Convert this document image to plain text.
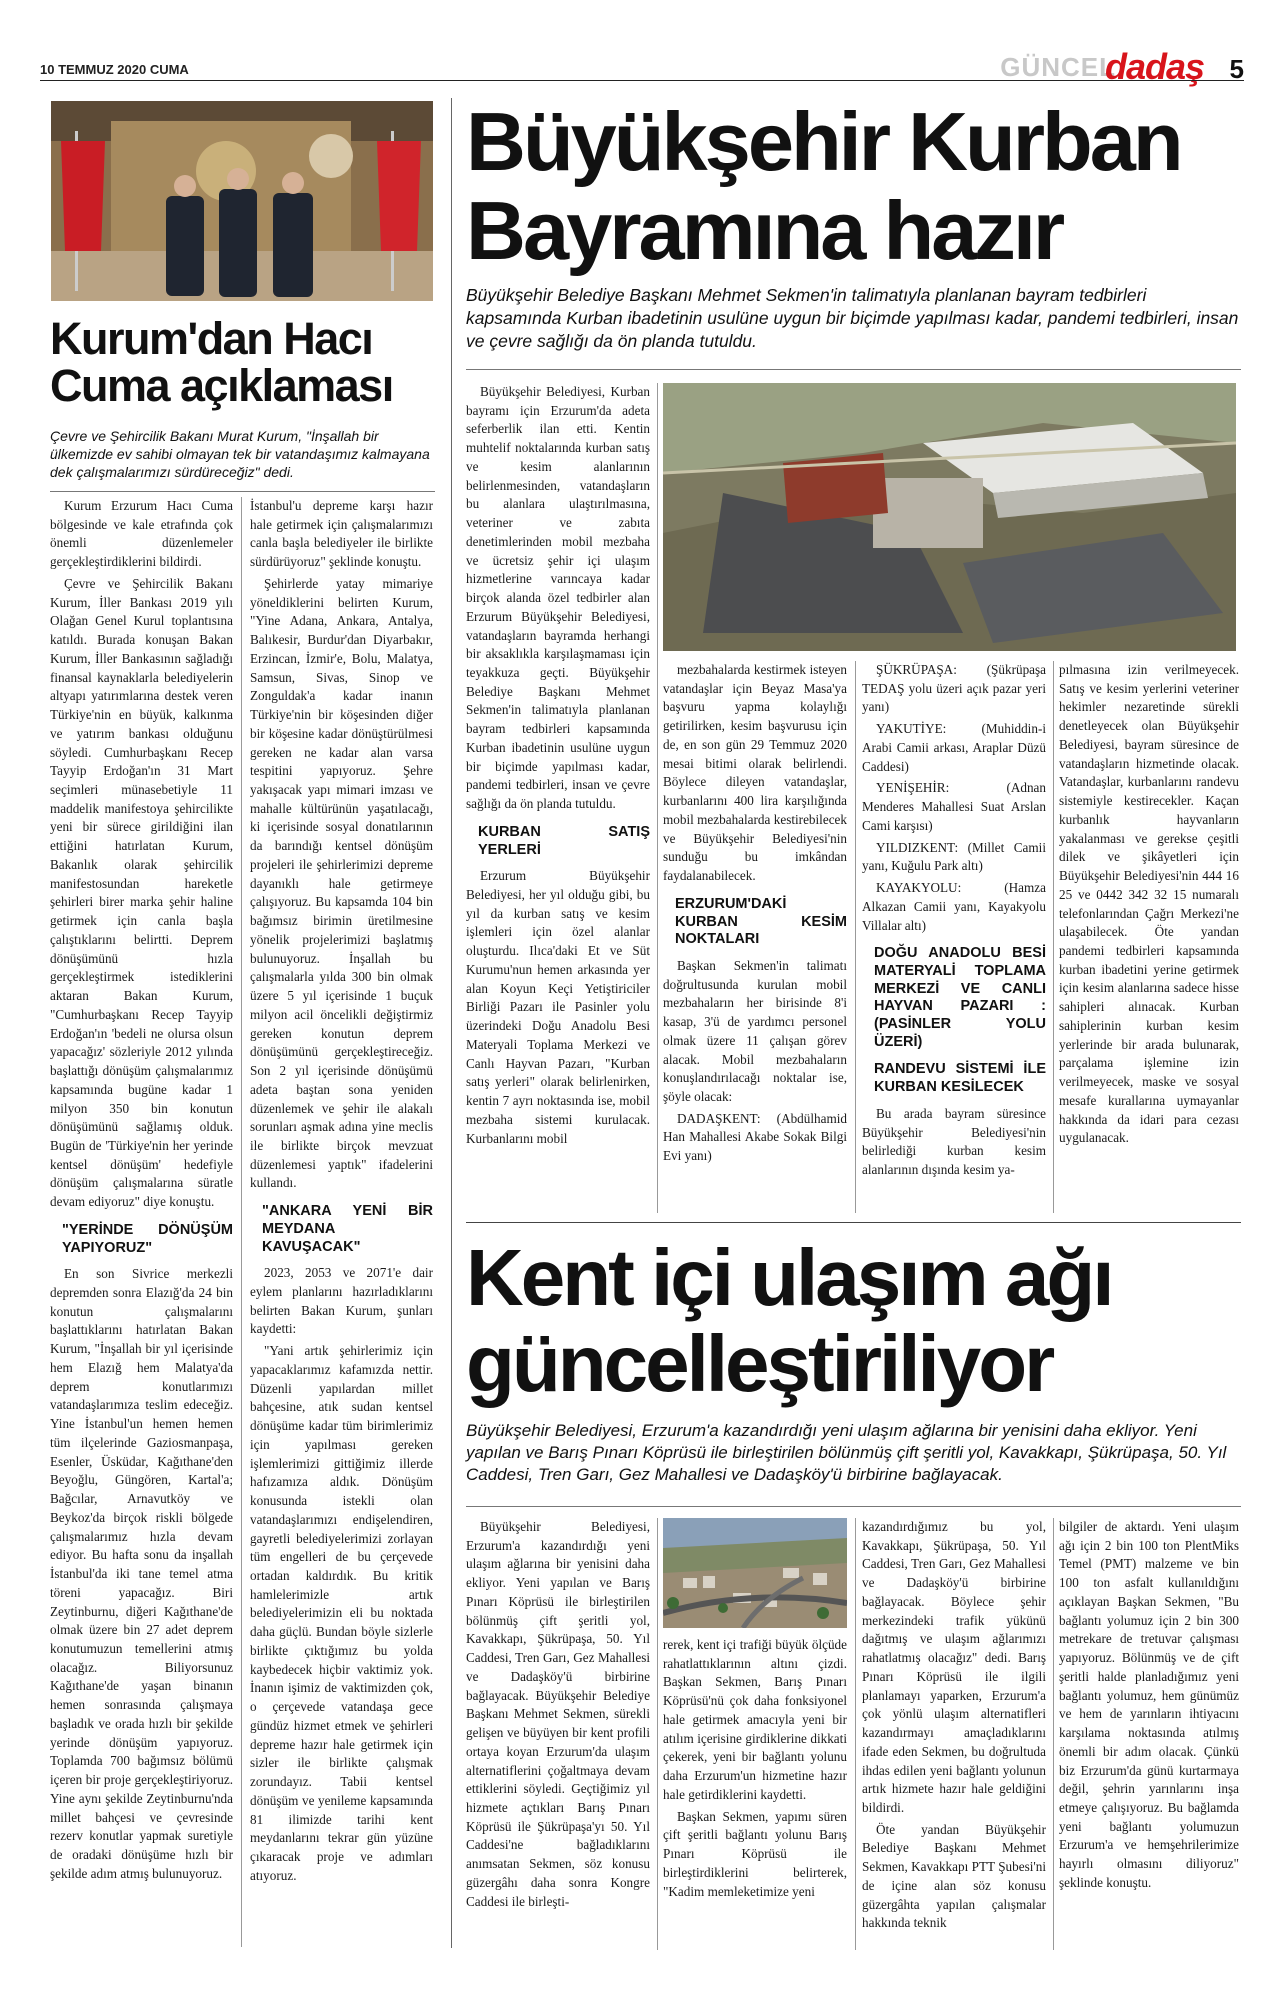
10 TEMMUZ 2020 CUMA	GÜNCEL
dadaş 5
Kurum'dan Hacı
Cuma açıklaması
Çevre ve Şehircilik Bakanı Murat Kurum, "İnşallah bir ülkemizde ev sahibi olmayan tek bir vatandaşımız kalmayana dek çalışmalarımızı sürdüreceğiz" dedi.

Kurum Erzurum Hacı Cuma bölgesinde ve kale etrafında çok önemli düzenlemeler gerçekleştirdiklerini bildirdi.

Çevre ve Şehircilik Bakanı Kurum, İller Bankası 2019 yılı Olağan Genel Kurul toplantısına katıldı. Burada konuşan Bakan Kurum, İller Bankasının sağladığı finansal kaynaklarla belediyelerin altyapı yatırımlarına destek veren Türkiye'nin en büyük, kalkınma ve yatırım bankası olduğunu söyledi. Cumhurbaşkanı Recep Tayyip Erdoğan'ın 31 Mart seçimleri münasebetiyle 11 maddelik manifestoya şehircilikte yeni bir sürece girildiğini ilan ettiğini hatırlatan Kurum, Bakanlık olarak şehircilik manifestosundan hareketle şehirleri birer marka şehir haline getirmek için canla başla çalıştıklarını belirtti. Deprem dönüşümünü hızla gerçekleştirmek istediklerini aktaran Bakan Kurum, "Cumhurbaşkanı Recep Tayyip Erdoğan'ın 'bedeli ne olursa olsun yapacağız' sözleriyle 2012 yılında başlattığı dönüşüm çalışmalarımız kapsamında bugüne kadar 1 milyon 350 bin konutun dönüşümünü sağlamış olduk. Bugün de 'Türkiye'nin her yerinde kentsel dönüşüm' hedefiyle dönüşüm çalışmalarına süratle devam ediyoruz" diye konuştu.

"YERİNDE DÖNÜŞÜM YAPIYORUZ"

En son Sivrice merkezli depremden sonra Elazığ'da 24 bin konutun çalışmalarını başlattıklarını hatırlatan Bakan Kurum, "İnşallah bir yıl içerisinde hem Elazığ hem Malatya'da deprem konutlarımızı vatandaşlarımıza teslim edeceğiz. Yine İstanbul'un hemen hemen tüm ilçelerinde Gaziosmanpaşa, Esenler, Üsküdar, Kağıthane'den Beyoğlu, Güngören, Kartal'a; Bağcılar, Arnavutköy ve Beykoz'da birçok riskli bölgede çalışmalarımız hızla devam ediyor. Bu hafta sonu da inşallah İstanbul'da iki tane temel atma töreni yapacağız. Biri Zeytinburnu, diğeri Kağıthane'de olmak üzere bin 27 adet deprem konutumuzun temellerini atmış olacağız. Biliyorsunuz Kağıthane'de yaşan binanın hemen sonrasında çalışmaya başladık ve orada hızlı bir şekilde yerinde dönüşüm yapıyoruz. Toplamda 700 bağımsız bölümü içeren bir proje gerçekleştiriyoruz. Yine aynı şekilde Zeytinburnu'nda millet bahçesi ve çevresinde rezerv konutlar yapmak suretiyle de oradaki dönüşüme hızlı bir şekilde adım atmış bulunuyoruz.

İstanbul'u depreme karşı hazır hale getirmek için çalışmalarımızı canla başla belediyeler ile birlikte sürdürüyoruz" şeklinde konuştu.

Şehirlerde yatay mimariye yöneldiklerini belirten Kurum, "Yine Adana, Ankara, Antalya, Balıkesir, Burdur'dan Diyarbakır, Erzincan, İzmir'e, Bolu, Malatya, Samsun, Sivas, Sinop ve Zonguldak'a kadar inanın Türkiye'nin bir köşesinden diğer bir köşesine kadar dönüştürülmesi gereken ne kadar alan varsa tespitini yapıyoruz. Şehre yakışacak yapı mimari imzası ve mahalle kültürünün yaşatılacağı, ki içerisinde sosyal donatılarının da barındığı kentsel dönüşüm projeleri ile şehirlerimizi depreme dayanıklı hale getirmeye çalışıyoruz. Bu kapsamda 104 bin bağımsız birimin üretilmesine yönelik projelerimizi başlatmış bulunuyoruz. İnşallah bu çalışmalarla yılda 300 bin olmak üzere 5 yıl içerisinde 1 buçuk milyon acil öncelikli değiştirmiz gereken konutun deprem dönüşümünü gerçekleştireceğiz. Son 2 yıl içerisinde dönüşümü adeta baştan sona yeniden düzenlemek ve şehir ile alakalı sorunları aşmak adına yine meclis ile birlikte birçok mevzuat düzenlemesi yaptık" ifadelerini kullandı.

"ANKARA YENİ BİR MEYDANA KAVUŞACAK"

2023, 2053 ve 2071'e dair eylem planlarını hazırladıklarını belirten Bakan Kurum, şunları kaydetti:

"Yani artık şehirlerimiz için yapacaklarımız kafamızda nettir. Düzenli yapılardan millet bahçesine, atık sudan kentsel dönüşüme kadar tüm birimlerimiz için yapılması gereken işlemlerimizi gittiğimiz illerde hafızamıza aldık. Dönüşüm konusunda istekli olan vatandaşlarımızı endişelendiren, gayretli belediyelerimizi zorlayan tüm engelleri de bu çerçevede ortadan kaldırdık. Bu kritik hamlelerimizle artık belediyelerimizin eli bu noktada daha güçlü. Bundan böyle sizlerle birlikte çıktığımız bu yolda kaybedecek hiçbir vaktimiz yok. İnanın işimiz de vaktimizden çok, o çerçevede vatandaşa gece gündüz hizmet etmek ve şehirleri depreme hazır hale getirmek için sizler ile birlikte çalışmak zorundayız. Tabii kentsel dönüşüm ve yenileme kapsamında 81 ilimizde tarihi kent meydanlarını tekrar gün yüzüne çıkaracak proje ve adımları atıyoruz.

Büyükşehir Kurban
Bayramına hazır
Büyükşehir Belediye Başkanı Mehmet Sekmen'in talimatıyla planlanan bayram tedbirleri kapsamında Kurban ibadetinin usulüne uygun bir biçimde yapılması kadar, pandemi tedbirleri, insan ve çevre sağlığı da ön planda tutuldu.

Büyükşehir Belediyesi, Kurban bayramı için Erzurum'da adeta seferberlik ilan etti. Kentin muhtelif noktalarında kurban satış ve kesim alanlarının belirlenmesinden, vatandaşların bu alanlara ulaştırılmasına, veteriner ve zabıta denetimlerinden mobil mezbaha ve ücretsiz şehir içi ulaşım hizmetlerine varıncaya kadar birçok alanda özel tedbirler alan Erzurum Büyükşehir Belediyesi, vatandaşların bayramda herhangi bir aksaklıkla karşılaşmaması için teyakkuza geçti. Büyükşehir Belediye Başkanı Mehmet Sekmen'in talimatıyla planlanan bayram tedbirleri kapsamında Kurban ibadetinin usulüne uygun bir biçimde yapılması kadar, pandemi tedbirleri, insan ve çevre sağlığı da ön planda tutuldu.

KURBAN SATIŞ YERLERİ

Erzurum Büyükşehir Belediyesi, her yıl olduğu gibi, bu yıl da kurban satış ve kesim işlemleri için özel alanlar oluşturdu. Ilıca'daki Et ve Süt Kurumu'nun hemen arkasında yer alan Koyun Keçi Yetiştiriciler Birliği Pazarı ile Pasinler yolu üzerindeki Doğu Anadolu Besi Materyali Toplama Merkezi ve Canlı Hayvan Pazarı, "Kurban satış yerleri" olarak belirlenirken, kentin 7 ayrı noktasında ise, mobil mezbaha sistemi kurulacak. Kurbanlarını mobil

mezbahalarda kestirmek isteyen vatandaşlar için Beyaz Masa'ya başvuru yapma kolaylığı getirilirken, kesim başvurusu için de, en son gün 29 Temmuz 2020 mesai bitimi olarak belirlendi. Böylece dileyen vatandaşlar, kurbanlarını 400 lira karşılığında mobil mezbahalarda kestirebilecek ve Büyükşehir Belediyesi'nin sunduğu bu imkândan faydalanabilecek.

ERZURUM'DAKİ KURBAN KESİM NOKTALARI

Başkan Sekmen'in talimatı doğrultusunda kurulan mobil mezbahaların her birisinde 8'i kasap, 3'ü de yardımcı personel olmak üzere 11 çalışan görev alacak. Mobil mezbahaların konuşlandırılacağı noktalar ise, şöyle olacak:

DADAŞKENT: (Abdülhamid Han Mahallesi Akabe Sokak Bilgi Evi yanı)

ŞÜKRÜPAŞA: (Şükrüpaşa TEDAŞ yolu üzeri açık pazar yeri yanı)

YAKUTİYE: (Muhiddin-i Arabi Camii arkası, Araplar Düzü Caddesi)

YENİŞEHİR: (Adnan Menderes Mahallesi Suat Arslan Cami karşısı)

YILDIZKENT: (Millet Camii yanı, Kuğulu Park altı)

KAYAKYOLU: (Hamza Alkazan Camii yanı, Kayakyolu Villalar altı)

DOĞU ANADOLU BESİ MATERYALİ TOPLAMA MERKEZİ VE CANLI HAYVAN PAZARI : (PASİNLER YOLU ÜZERİ)
RANDEVU SİSTEMİ İLE KURBAN KESİLECEK

Bu arada bayram süresince Büyükşehir Belediyesi'nin belirlediği kurban kesim alanlarının dışında kesim ya-

pılmasına izin verilmeyecek. Satış ve kesim yerlerini veteriner hekimler nezaretinde sürekli denetleyecek olan Büyükşehir Belediyesi, bayram süresince de vatandaşların hizmetinde olacak. Vatandaşlar, kurbanlarını randevu sistemiyle kestirecekler. Kaçan kurbanlık hayvanların yakalanması ve gerekse çeşitli dilek ve şikâyetleri için Büyükşehir Belediyesi'nin 444 16 25 ve 0442 342 32 15 numaralı telefonlarından Çağrı Merkezi'ne ulaşabilecek. Öte yandan pandemi tedbirleri kapsamında kurban ibadetini yerine getirmek için kesim alanlarına sadece hisse sahipleri alınacak. Kurban sahiplerinin kurban kesim yerlerinde bir arada bulunarak, parçalama işlemine izin verilmeyecek, maske ve sosyal mesafe kurallarına uymayanlar hakkında da idari para cezası uygulanacak.

Kent içi ulaşım ağı
güncelleştiriliyor
Büyükşehir Belediyesi, Erzurum'a kazandırdığı yeni ulaşım ağlarına bir yenisini daha ekliyor. Yeni yapılan ve Barış Pınarı Köprüsü ile birleştirilen bölünmüş çift şeritli yol, Kavakkapı, Şükrüpaşa, 50. Yıl Caddesi, Tren Garı, Gez Mahallesi ve Dadaşköy'ü birbirine bağlayacak.

Büyükşehir Belediyesi, Erzurum'a kazandırdığı yeni ulaşım ağlarına bir yenisini daha ekliyor. Yeni yapılan ve Barış Pınarı Köprüsü ile birleştirilen bölünmüş çift şeritli yol, Kavakkapı, Şükrüpaşa, 50. Yıl Caddesi, Tren Garı, Gez Mahallesi ve Dadaşköy'ü birbirine bağlayacak. Büyükşehir Belediye Başkanı Mehmet Sekmen, sürekli gelişen ve büyüyen bir kent profili ortaya koyan Erzurum'da ulaşım alternatiflerini çoğaltmaya devam ettiklerini söyledi. Geçtiğimiz yıl hizmete açtıkları Barış Pınarı Köprüsü ile Şükrüpaşa'yı 50. Yıl Caddesi'ne bağladıklarını anımsatan Sekmen, söz konusu güzergâhı daha sonra Kongre Caddesi ile birleşti-

rerek, kent içi trafiği büyük ölçüde rahatlattıklarının altını çizdi. Başkan Sekmen, Barış Pınarı Köprüsü'nü çok daha fonksiyonel hale getirmek amacıyla yeni bir atılım içerisine girdiklerine dikkati çekerek, yeni bir bağlantı yolunu daha Erzurum'un hizmetine hazır hale getirdiklerini kaydetti.

Başkan Sekmen, yapımı süren çift şeritli bağlantı yolunu Barış Pınarı Köprüsü ile birleştirdiklerini belirterek, "Kadim memleketimize yeni

kazandırdığımız bu yol, Kavakkapı, Şükrüpaşa, 50. Yıl Caddesi, Tren Garı, Gez Mahallesi ve Dadaşköy'ü birbirine bağlayacak. Böylece şehir merkezindeki trafik yükünü dağıtmış ve ulaşım ağlarımızı rahatlatmış olacağız" dedi. Barış Pınarı Köprüsü ile ilgili planlamayı yaparken, Erzurum'a çok yönlü ulaşım alternatifleri kazandırmayı amaçladıklarını ifade eden Sekmen, bu doğrultuda ihdas edilen yeni bağlantı yolunun artık hizmete hazır hale geldiğini bildirdi.

Öte yandan Büyükşehir Belediye Başkanı Mehmet Sekmen, Kavakkapı PTT Şubesi'ni de içine alan söz konusu güzergâhta yapılan çalışmalar hakkında teknik

bilgiler de aktardı. Yeni ulaşım ağı için 2 bin 100 ton PlentMiks Temel (PMT) malzeme ve bin 100 ton asfalt kullanıldığını açıklayan Başkan Sekmen, "Bu bağlantı yolumuz için 2 bin 300 metrekare de tretuvar çalışması yapıyoruz. Bölünmüş ve de çift şeritli halde planladığımız yeni bağlantı yolumuz, hem günümüz ve hem de yarınların ihtiyacını karşılama noktasında atılmış önemli bir adım olacak. Çünkü biz Erzurum'da günü kurtarmaya değil, şehrin yarınlarını inşa etmeye çalışıyoruz. Bu bağlamda yeni bağlantı yolumuzun Erzurum'a ve hemşehrilerimize hayırlı olmasını diliyoruz" şeklinde konuştu.
